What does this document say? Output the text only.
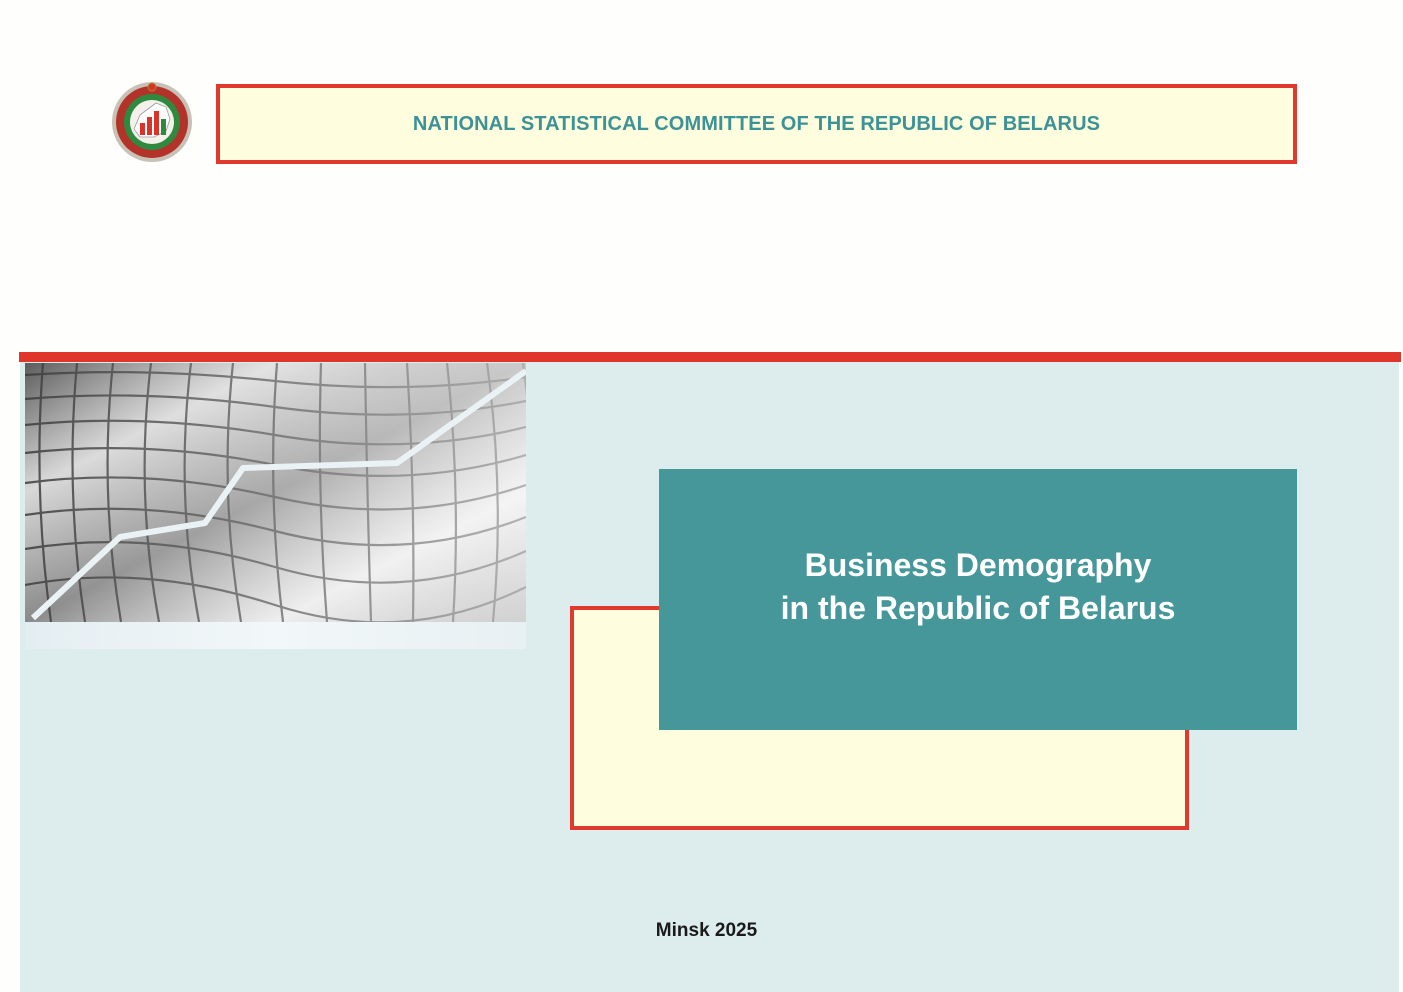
NATIONAL STATISTICAL COMMITTEE OF THE REPUBLIC OF BELARUS
Business Demography
in the Republic of Belarus
Minsk 2025
